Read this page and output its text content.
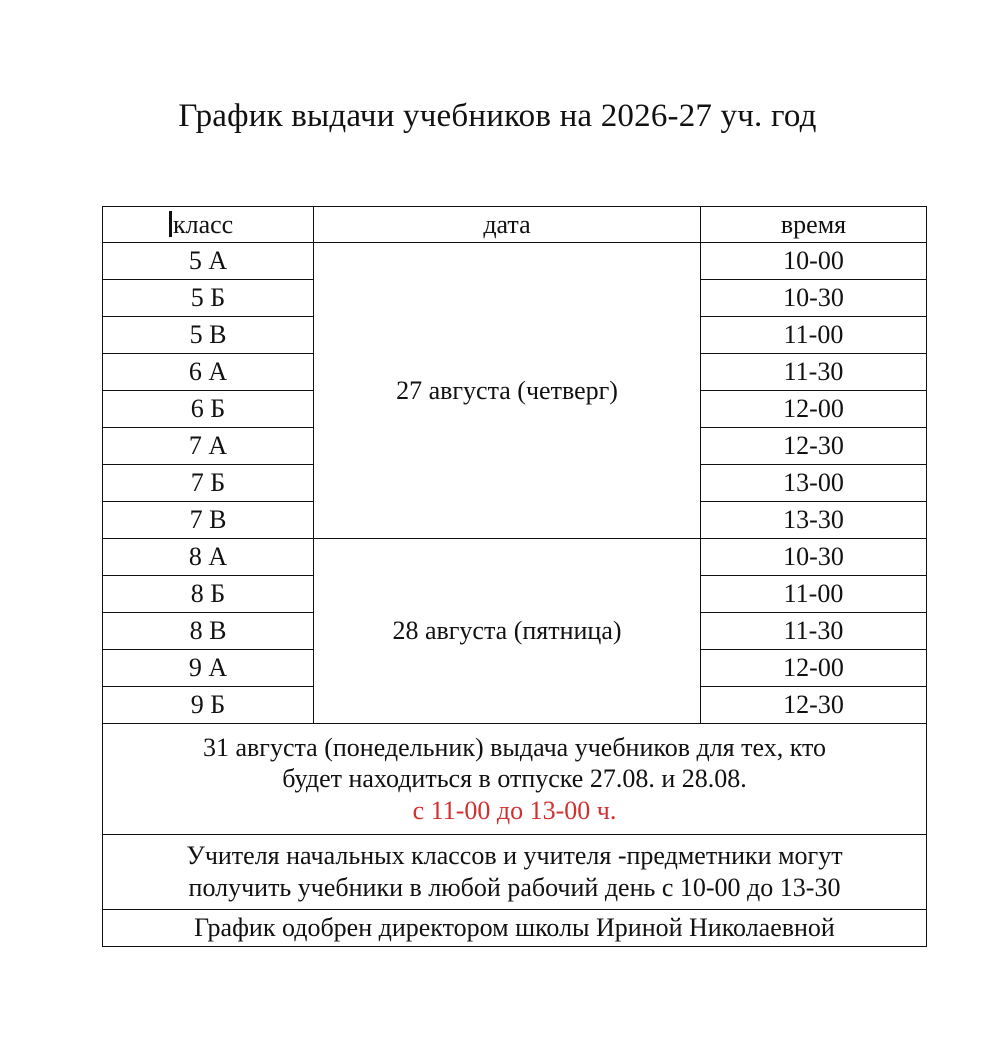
График выдачи учебников на 2026-27 уч. год
класс	дата	время
5 А	27 августа (четверг)	10-00
5 Б		10-30
5 В		11-00
6 А		11-30
6 Б		12-00
7 А		12-30
7 Б		13-00
7 В		13-30
8 А	28 августа (пятница)	10-30
8 Б		11-00
8 В		11-30
9 А		12-00
9 Б		12-30

31 августа (понедельник) выдача учебников для тех, кто
будет находиться в отпуске 27.08. и 28.08.
с 11-00 до 13-00 ч.		

Учителя начальных классов и учителя -предметники могут
получить учебники в любой рабочий день с 10-00 до 13-30		

График одобрен директором школы Ириной Николаевной		
